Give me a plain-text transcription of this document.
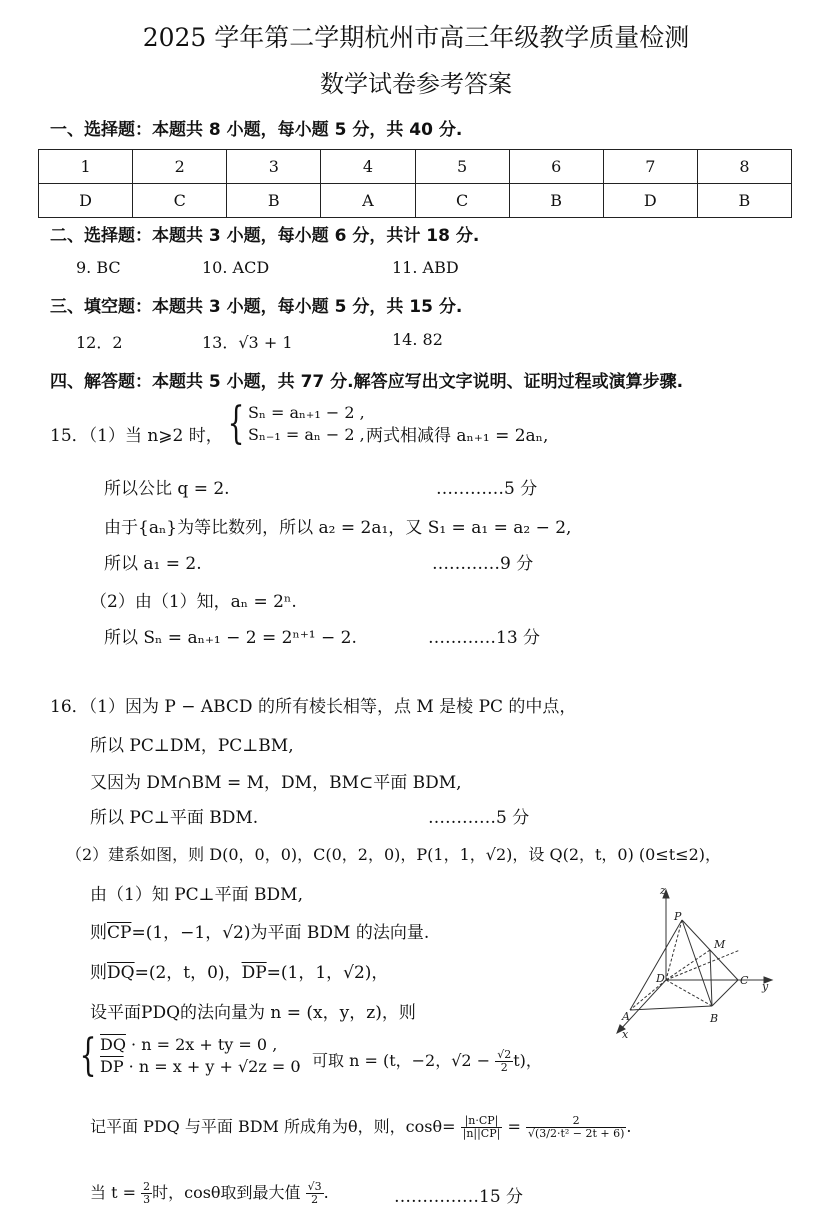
2025 学年第二学期杭州市高三年级教学质量检测
数学试卷参考答案
一、选择题：本题共 8 小题，每小题 5 分，共 40 分.
1	2	3	4	5	6	7	8
D	C	B	A	C	B	D	B
二、选择题：本题共 3 小题，每小题 6 分，共计 18 分.
9. BC	10. ACD	11. ABD
三、填空题：本题共 3 小题，每小题 5 分，共 15 分.
12．2	13．√3 + 1	14. 82
四、解答题：本题共 5 小题，共 77 分.解答应写出文字说明、证明过程或演算步骤.
15．（1）当 n⩾2 时， { Sₙ = aₙ₊₁ − 2 ,
Sₙ₋₁ = aₙ − 2 , 两式相减得 aₙ₊₁ = 2aₙ,
所以公比 q = 2.	…………5 分
由于{aₙ}为等比数列，所以 a₂ = 2a₁，又 S₁ = a₁ = a₂ − 2,
所以 a₁ = 2.	…………9 分
（2）由（1）知，aₙ = 2ⁿ.
所以 Sₙ = aₙ₊₁ − 2 = 2ⁿ⁺¹ − 2.	…………13 分
16．（1）因为 P − ABCD 的所有棱长相等，点 M 是棱 PC 的中点，
所以 PC⊥DM，PC⊥BM,
又因为 DM∩BM = M，DM，BM⊂平面 BDM,
所以 PC⊥平面 BDM.	…………5 分
（2）建系如图，则 D(0，0，0)，C(0，2，0)，P(1，1，√2)，设 Q(2，t，0) (0≤t≤2)，
由（1）知 PC⊥平面 BDM,
则$\overline{CP}=(1$，−1，√2)为平面 BDM 的法向量.
则$\overline{DQ}=(2$，t，0)，$\overline{DP}=(1$，1，√2)，
设平面PDQ的法向量为 n = (x，y，z)，则
{ $\overline{DQ} \cdot n = 2x$ + ty = 0 ,
$\overline{DP} \cdot n = x + y + √2z = 0$
，可取 n = (t，−2，$√2 - \frac{√2}{2} t$)，
记平面 PDQ 与平面 BDM 所成角为θ，则，$\cos\theta= \frac{|n\cdot CP|}{|n||CP|} = \frac{2}{\text{√(3/2·t² − 2t + 6)}}$ .
当 $t = \frac{2}{3}$ 时，cosθ取到最大值 $\frac{√3}{2}$ .	……………15 分
z
P
M
D	C y
A
x
B
